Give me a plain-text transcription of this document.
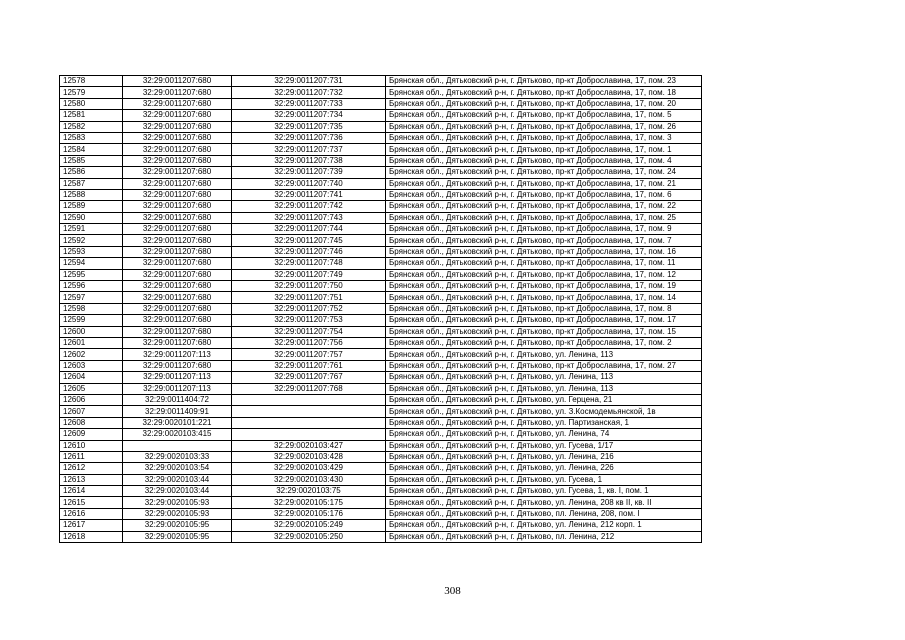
12578	32:29:0011207:680	32:29:0011207:731	Брянская обл., Дятьковский р-н, г. Дятьково, пр-кт Доброславина, 17, пом. 23
12579	32:29:0011207:680	32:29:0011207:732	Брянская обл., Дятьковский р-н, г. Дятьково, пр-кт Доброславина, 17, пом. 18
12580	32:29:0011207:680	32:29:0011207:733	Брянская обл., Дятьковский р-н, г. Дятьково, пр-кт Доброславина, 17, пом. 20
12581	32:29:0011207:680	32:29:0011207:734	Брянская обл., Дятьковский р-н, г. Дятьково, пр-кт Доброславина, 17, пом. 5
12582	32:29:0011207:680	32:29:0011207:735	Брянская обл., Дятьковский р-н, г. Дятьково, пр-кт Доброславина, 17, пом. 26
12583	32:29:0011207:680	32:29:0011207:736	Брянская обл., Дятьковский р-н, г. Дятьково, пр-кт Доброславина, 17, пом. 3
12584	32:29:0011207:680	32:29:0011207:737	Брянская обл., Дятьковский р-н, г. Дятьково, пр-кт Доброславина, 17, пом. 1
12585	32:29:0011207:680	32:29:0011207:738	Брянская обл., Дятьковский р-н, г. Дятьково, пр-кт Доброславина, 17, пом. 4
12586	32:29:0011207:680	32:29:0011207:739	Брянская обл., Дятьковский р-н, г. Дятьково, пр-кт Доброславина, 17, пом. 24
12587	32:29:0011207:680	32:29:0011207:740	Брянская обл., Дятьковский р-н, г. Дятьково, пр-кт Доброславина, 17, пом. 21
12588	32:29:0011207:680	32:29:0011207:741	Брянская обл., Дятьковский р-н, г. Дятьково, пр-кт Доброславина, 17, пом. 6
12589	32:29:0011207:680	32:29:0011207:742	Брянская обл., Дятьковский р-н, г. Дятьково, пр-кт Доброславина, 17, пом. 22
12590	32:29:0011207:680	32:29:0011207:743	Брянская обл., Дятьковский р-н, г. Дятьково, пр-кт Доброславина, 17, пом. 25
12591	32:29:0011207:680	32:29:0011207:744	Брянская обл., Дятьковский р-н, г. Дятьково, пр-кт Доброславина, 17, пом. 9
12592	32:29:0011207:680	32:29:0011207:745	Брянская обл., Дятьковский р-н, г. Дятьково, пр-кт Доброславина, 17, пом. 7
12593	32:29:0011207:680	32:29:0011207:746	Брянская обл., Дятьковский р-н, г. Дятьково, пр-кт Доброславина, 17, пом. 16
12594	32:29:0011207:680	32:29:0011207:748	Брянская обл., Дятьковский р-н, г. Дятьково, пр-кт Доброславина, 17, пом. 11
12595	32:29:0011207:680	32:29:0011207:749	Брянская обл., Дятьковский р-н, г. Дятьково, пр-кт Доброславина, 17, пом. 12
12596	32:29:0011207:680	32:29:0011207:750	Брянская обл., Дятьковский р-н, г. Дятьково, пр-кт Доброславина, 17, пом. 19
12597	32:29:0011207:680	32:29:0011207:751	Брянская обл., Дятьковский р-н, г. Дятьково, пр-кт Доброславина, 17, пом. 14
12598	32:29:0011207:680	32:29:0011207:752	Брянская обл., Дятьковский р-н, г. Дятьково, пр-кт Доброславина, 17, пом. 8
12599	32:29:0011207:680	32:29:0011207:753	Брянская обл., Дятьковский р-н, г. Дятьково, пр-кт Доброславина, 17, пом. 17
12600	32:29:0011207:680	32:29:0011207:754	Брянская обл., Дятьковский р-н, г. Дятьково, пр-кт Доброславина, 17, пом. 15
12601	32:29:0011207:680	32:29:0011207:756	Брянская обл., Дятьковский р-н, г. Дятьково, пр-кт Доброславина, 17, пом. 2
12602	32:29:0011207:113	32:29:0011207:757	Брянская обл., Дятьковский р-н, г. Дятьково, ул. Ленина, 113
12603	32:29:0011207:680	32:29:0011207:761	Брянская обл., Дятьковский р-н, г. Дятьково, пр-кт Доброславина, 17, пом. 27
12604	32:29:0011207:113	32:29:0011207:767	Брянская обл., Дятьковский р-н, г. Дятьково, ул. Ленина, 113
12605	32:29:0011207:113	32:29:0011207:768	Брянская обл., Дятьковский р-н, г. Дятьково, ул. Ленина, 113
12606	32:29:0011404:72		Брянская обл., Дятьковский р-н, г. Дятьково, ул. Герцена, 21
12607	32:29:0011409:91		Брянская обл., Дятьковский р-н, г. Дятьково, ул. З.Космодемьянской, 1в
12608	32:29:0020101:221		Брянская обл., Дятьковский р-н, г. Дятьково, ул. Партизанская, 1
12609	32:29:0020103:415		Брянская обл., Дятьковский р-н, г. Дятьково, ул. Ленина, 74
12610		32:29:0020103:427	Брянская обл., Дятьковский р-н, г. Дятьково, ул. Гусева, 1/17
12611	32:29:0020103:33	32:29:0020103:428	Брянская обл., Дятьковский р-н, г. Дятьково, ул. Ленина, 216
12612	32:29:0020103:54	32:29:0020103:429	Брянская обл., Дятьковский р-н, г. Дятьково, ул. Ленина, 226
12613	32:29:0020103:44	32:29:0020103:430	Брянская обл., Дятьковский р-н, г. Дятьково, ул. Гусева, 1
12614	32:29:0020103:44	32:29:0020103:75	Брянская обл., Дятьковский р-н, г. Дятьково, ул. Гусева, 1, кв. I, пом. 1
12615	32:29:0020105:93	32:29:0020105:175	Брянская обл., Дятьковский р-н, г. Дятьково, ул. Ленина, 208 кв II, кв. II
12616	32:29:0020105:93	32:29:0020105:176	Брянская обл., Дятьковский р-н, г. Дятьково, пл. Ленина, 208, пом. I
12617	32:29:0020105:95	32:29:0020105:249	Брянская обл., Дятьковский р-н, г. Дятьково, ул. Ленина, 212 корп. 1
12618	32:29:0020105:95	32:29:0020105:250	Брянская обл., Дятьковский р-н, г. Дятьково, пл. Ленина, 212
308
